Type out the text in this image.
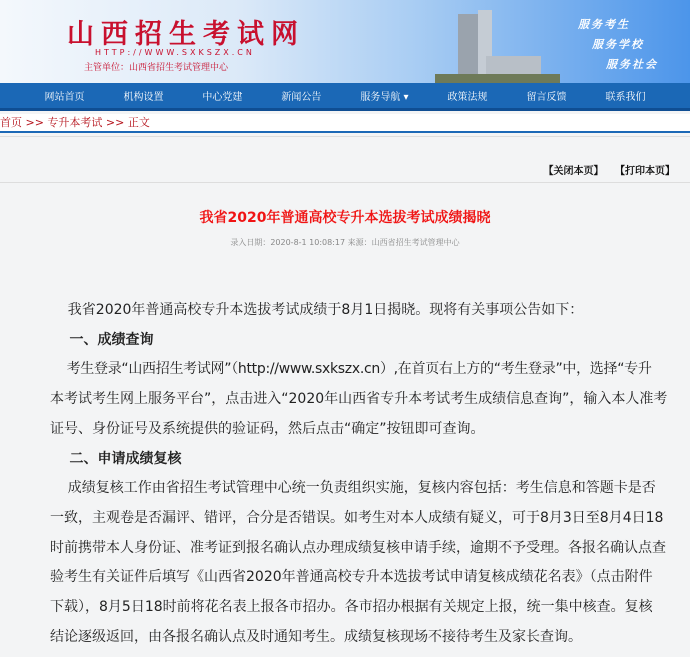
山西招生考试网
HTTP://WWW.SXKSZX.CN
主管单位：山西省招生考试管理中心
服务考生
服务学校
服务社会
网站首页	机构设置	中心党建	新闻公告	服务导航 ▾	政策法规	留言反馈	联系我们
首页 >> 专升本考试 >> 正文
【关闭本页】 【打印本页】
我省2020年普通高校专升本选拔考试成绩揭晓
录入日期：2020-8-1 10:08:17 来源：山西省招生考试管理中心
我省2020年普通高校专升本选拔考试成绩于8月1日揭晓。现将有关事项公告如下：
一、成绩查询
考生登录“山西招生考试网”（http://www.sxkszx.cn）,在首页右上方的“考生登录”中，选择“专升
本考试考生网上服务平台”，点击进入“2020年山西省专升本考试考生成绩信息查询”，输入本人准考
证号、身份证号及系统提供的验证码，然后点击“确定”按钮即可查询。
二、申请成绩复核
成绩复核工作由省招生考试管理中心统一负责组织实施，复核内容包括：考生信息和答题卡是否
一致，主观卷是否漏评、错评，合分是否错误。如考生对本人成绩有疑义，可于8月3日至8月4日18
时前携带本人身份证、准考证到报名确认点办理成绩复核申请手续，逾期不予受理。各报名确认点查
验考生有关证件后填写《山西省2020年普通高校专升本选拔考试申请复核成绩花名表》（点击附件
下载），8月5日18时前将花名表上报各市招办。各市招办根据有关规定上报，统一集中核查。复核
结论逐级返回，由各报名确认点及时通知考生。成绩复核现场不接待考生及家长查询。
